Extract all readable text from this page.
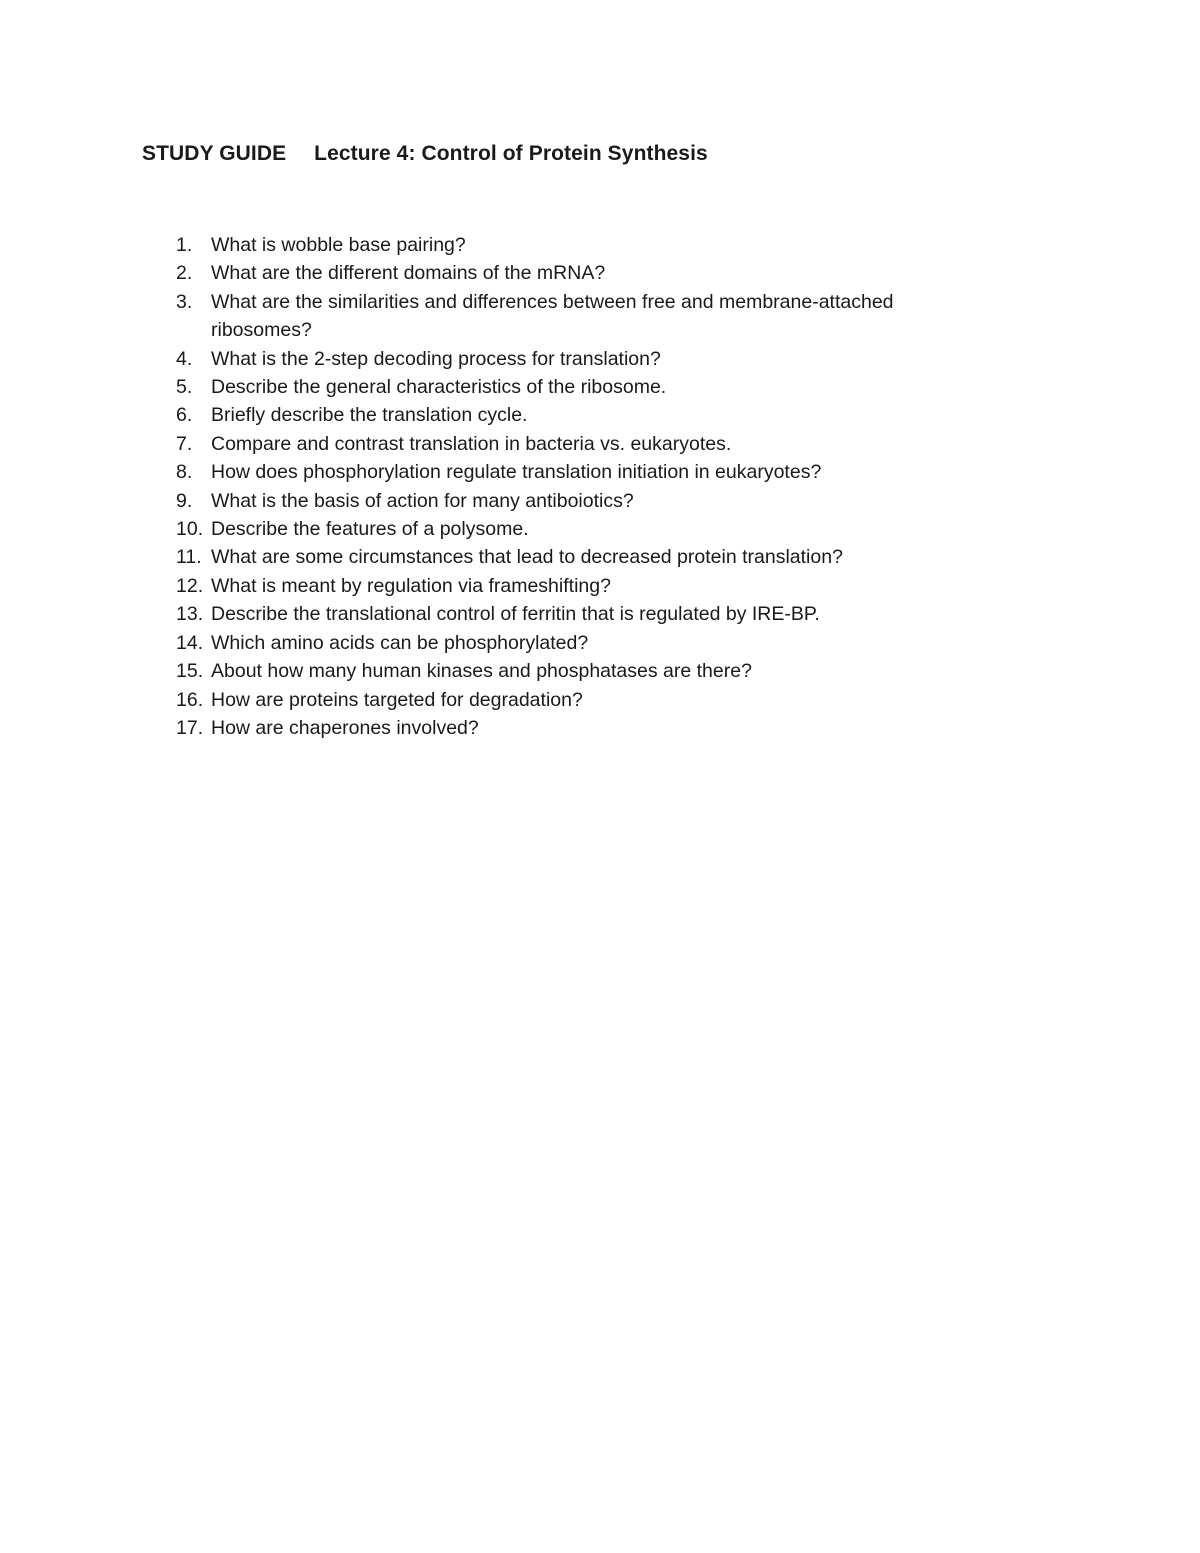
STUDY GUIDE Lecture 4: Control of Protein Synthesis
1. What is wobble base pairing?
2. What are the different domains of the mRNA?
3. What are the similarities and differences between free and membrane-attached ribosomes?
4. What is the 2-step decoding process for translation?
5. Describe the general characteristics of the ribosome.
6. Briefly describe the translation cycle.
7. Compare and contrast translation in bacteria vs. eukaryotes.
8. How does phosphorylation regulate translation initiation in eukaryotes?
9. What is the basis of action for many antiboiotics?
10. Describe the features of a polysome.
11. What are some circumstances that lead to decreased protein translation?
12. What is meant by regulation via frameshifting?
13. Describe the translational control of ferritin that is regulated by IRE-BP.
14. Which amino acids can be phosphorylated?
15. About how many human kinases and phosphatases are there?
16. How are proteins targeted for degradation?
17. How are chaperones involved?
